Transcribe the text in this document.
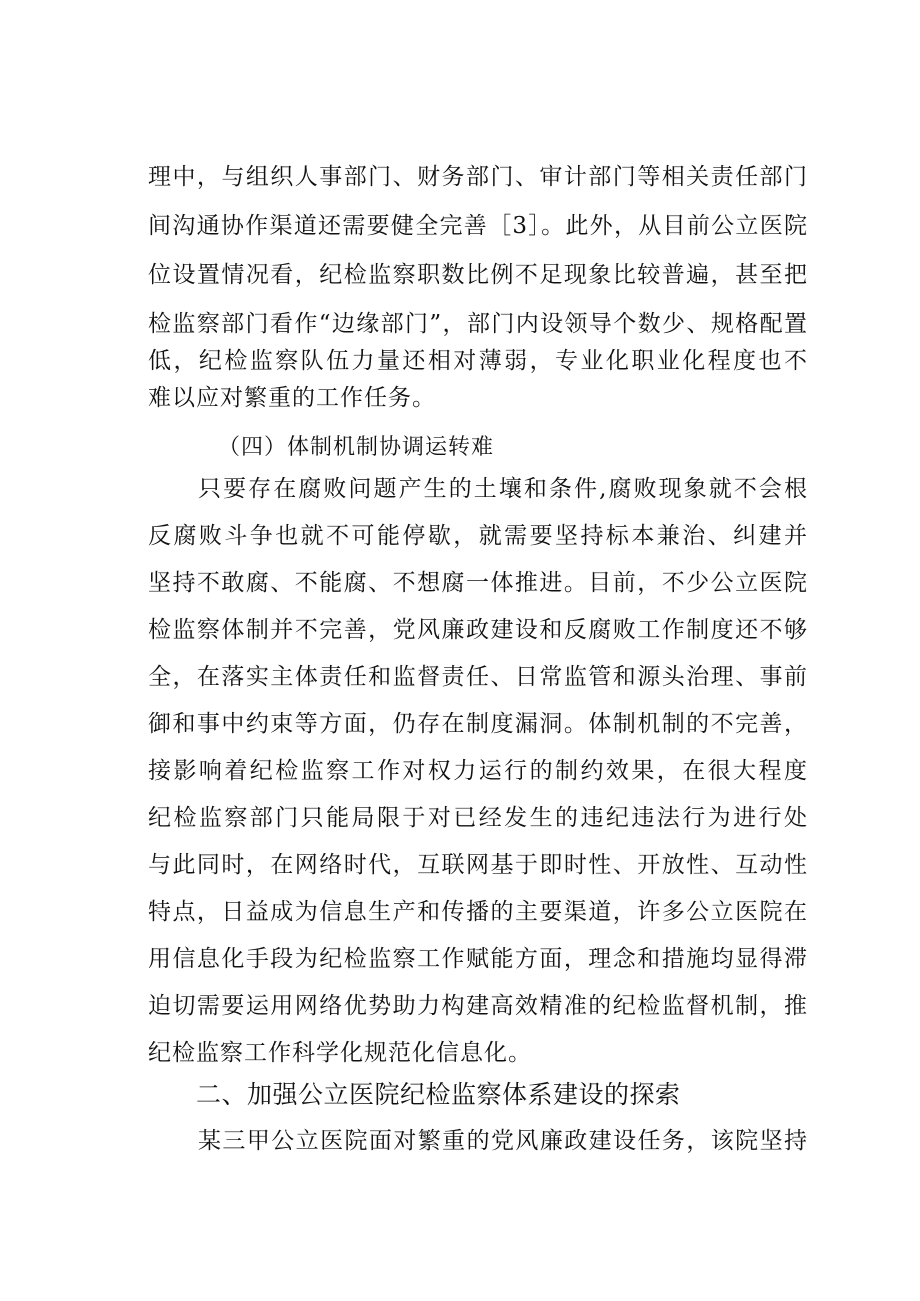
理中，与组织人事部门、财务部门、审计部门等相关责任部门
间沟通协作渠道还需要健全完善［3］。此外，从目前公立医院
位设置情况看，纪检监察职数比例不足现象比较普遍，甚至把
检监察部门看作“边缘部门”，部门内设领导个数少、规格配置
低，纪检监察队伍力量还相对薄弱，专业化职业化程度也不
难以应对繁重的工作任务。
（四）体制机制协调运转难
只要存在腐败问题产生的土壤和条件,腐败现象就不会根
反腐败斗争也就不可能停歇，就需要坚持标本兼治、纠建并
坚持不敢腐、不能腐、不想腐一体推进。目前，不少公立医院
检监察体制并不完善，党风廉政建设和反腐败工作制度还不够
全，在落实主体责任和监督责任、日常监管和源头治理、事前
御和事中约束等方面，仍存在制度漏洞。体制机制的不完善，
接影响着纪检监察工作对权力运行的制约效果，在很大程度
纪检监察部门只能局限于对已经发生的违纪违法行为进行处
与此同时，在网络时代，互联网基于即时性、开放性、互动性
特点，日益成为信息生产和传播的主要渠道，许多公立医院在
用信息化手段为纪检监察工作赋能方面，理念和措施均显得滞
迫切需要运用网络优势助力构建高效精准的纪检监督机制，推
纪检监察工作科学化规范化信息化。
二、加强公立医院纪检监察体系建设的探索
某三甲公立医院面对繁重的党风廉政建设任务，该院坚持
